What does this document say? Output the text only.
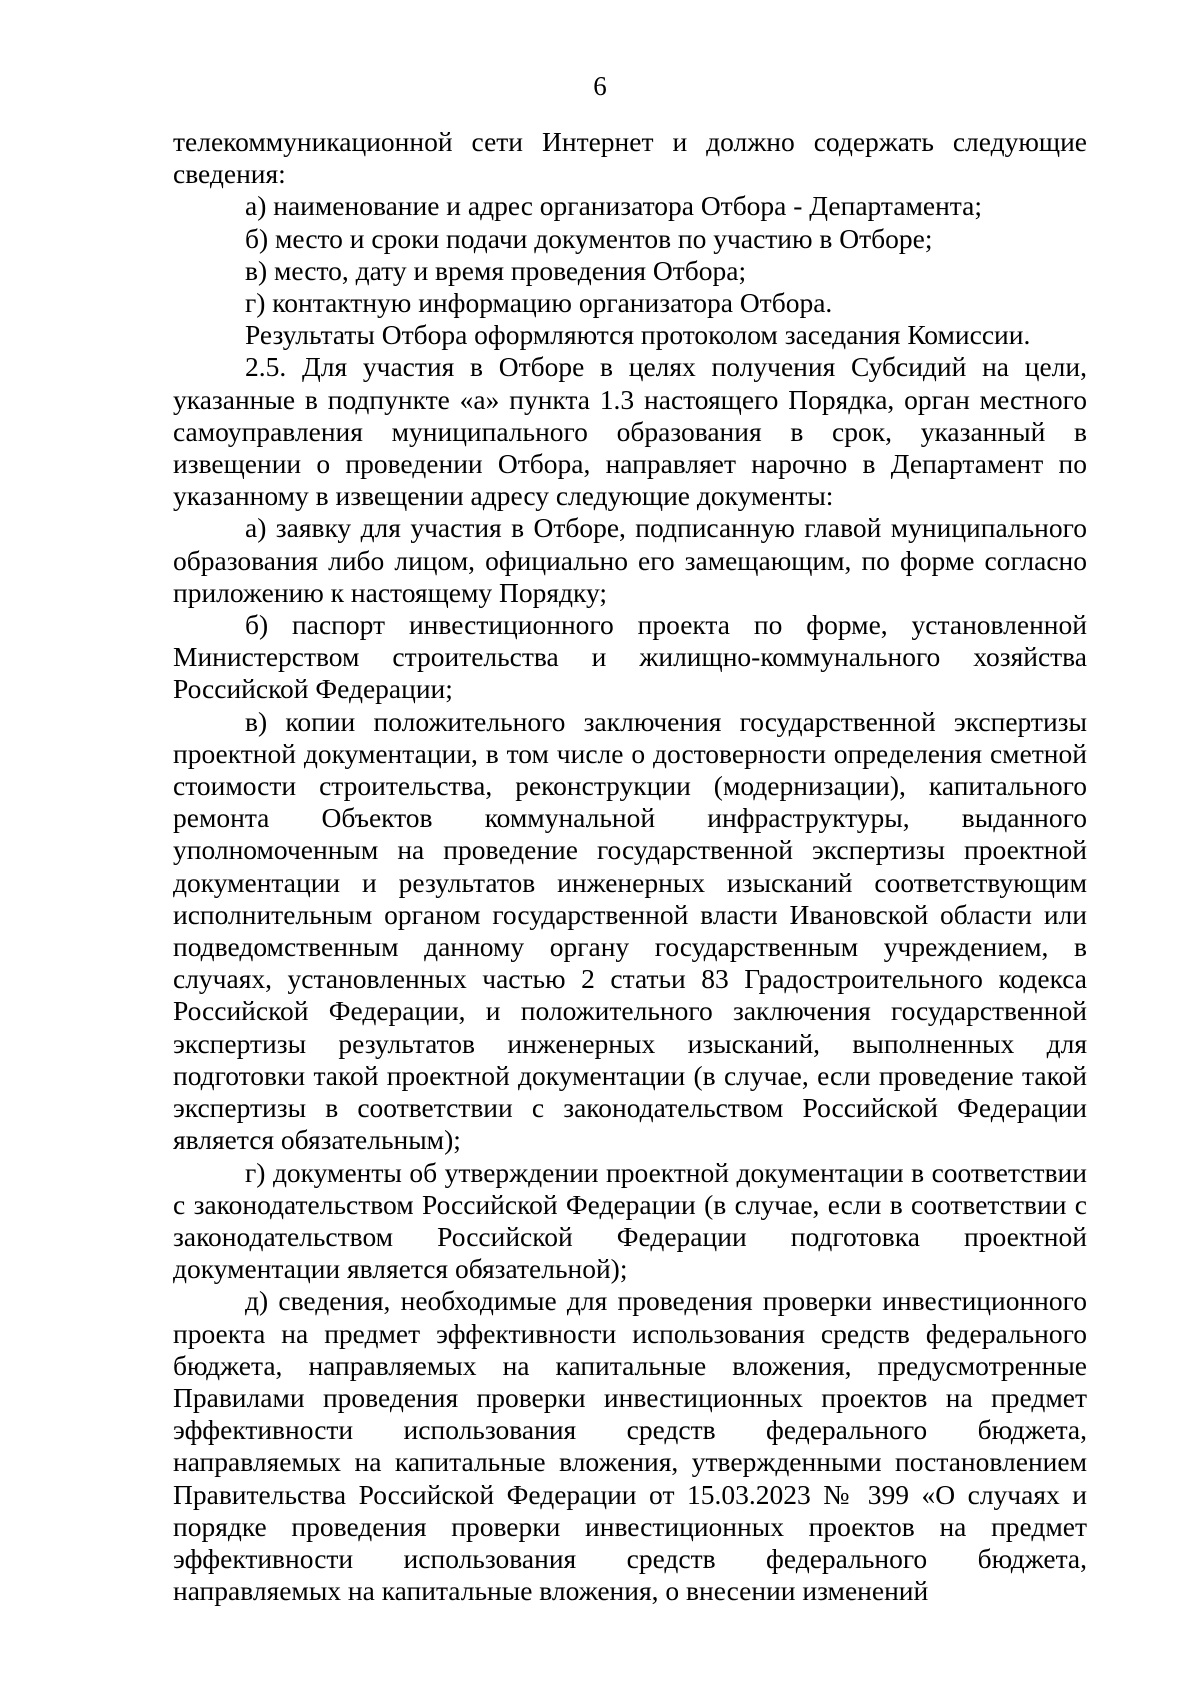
6

телекоммуникационной сети Интернет и должно содержать следующие сведения:

а) наименование и адрес организатора Отбора - Департамента;

б) место и сроки подачи документов по участию в Отборе;

в) место, дату и время проведения Отбора;

г) контактную информацию организатора Отбора.

Результаты Отбора оформляются протоколом заседания Комиссии.

2.5. Для участия в Отборе в целях получения Субсидий на цели, указанные в подпункте «а» пункта 1.3 настоящего Порядка, орган местного самоуправления муниципального образования в срок, указанный в извещении о проведении Отбора, направляет нарочно в Департамент по указанному в извещении адресу следующие документы:

а) заявку для участия в Отборе, подписанную главой муниципального образования либо лицом, официально его замещающим, по форме согласно приложению к настоящему Порядку;

б) паспорт инвестиционного проекта по форме, установленной Министерством строительства и жилищно-коммунального хозяйства Российской Федерации;

в) копии положительного заключения государственной экспертизы проектной документации, в том числе о достоверности определения сметной стоимости строительства, реконструкции (модернизации), капитального ремонта Объектов коммунальной инфраструктуры, выданного уполномоченным на проведение государственной экспертизы проектной документации и результатов инженерных изысканий соответствующим исполнительным органом государственной власти Ивановской области или подведомственным данному органу государственным учреждением, в случаях, установленных частью 2 статьи 83 Градостроительного кодекса Российской Федерации, и положительного заключения государственной экспертизы результатов инженерных изысканий, выполненных для подготовки такой проектной документации (в случае, если проведение такой экспертизы в соответствии с законодательством Российской Федерации является обязательным);

г) документы об утверждении проектной документации в соответствии с законодательством Российской Федерации (в случае, если в соответствии с законодательством Российской Федерации подготовка проектной документации является обязательной);

д) сведения, необходимые для проведения проверки инвестиционного проекта на предмет эффективности использования средств федерального бюджета, направляемых на капитальные вложения, предусмотренные Правилами проведения проверки инвестиционных проектов на предмет эффективности использования средств федерального бюджета, направляемых на капитальные вложения, утвержденными постановлением Правительства Российской Федерации от 15.03.2023 № 399 «О случаях и порядке проведения проверки инвестиционных проектов на предмет эффективности использования средств федерального бюджета, направляемых на капитальные вложения, о внесении изменений
